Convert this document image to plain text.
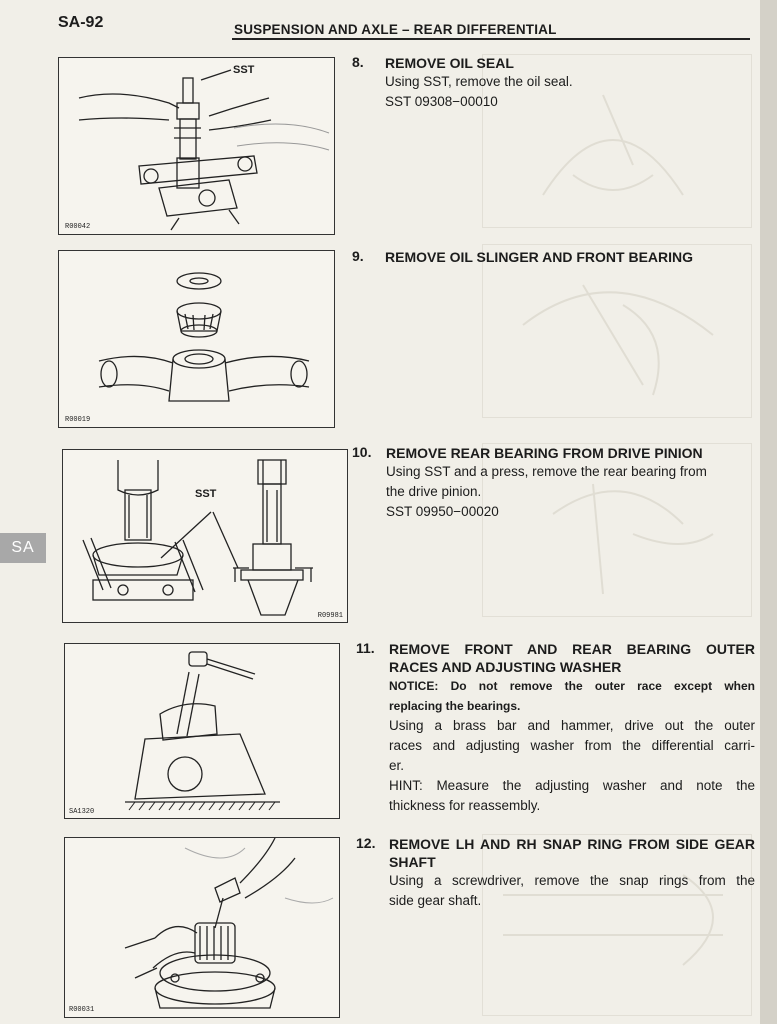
SA-92	SUSPENSION AND AXLE – REAR DIFFERENTIAL
SA
R00042
SST
R00019
R09981
SST
SA1320
R00031
8. REMOVE OIL SEAL
Using SST, remove the oil seal.
SST 09308−00010
9. REMOVE OIL SLINGER AND FRONT BEARING
10. REMOVE REAR BEARING FROM DRIVE PINION
Using SST and a press, remove the rear bearing from
the drive pinion.
SST 09950−00020
11. REMOVE FRONT AND REAR BEARING OUTER
RACES AND ADJUSTING WASHER
NOTICE: Do not remove the outer race except when
replacing the bearings.
Using a brass bar and hammer, drive out the outer
races and adjusting washer from the differential carri-
er.
HINT: Measure the adjusting washer and note the
thickness for reassembly.
12. REMOVE LH AND RH SNAP RING FROM SIDE GEAR
SHAFT
Using a screwdriver, remove the snap rings from the
side gear shaft.
